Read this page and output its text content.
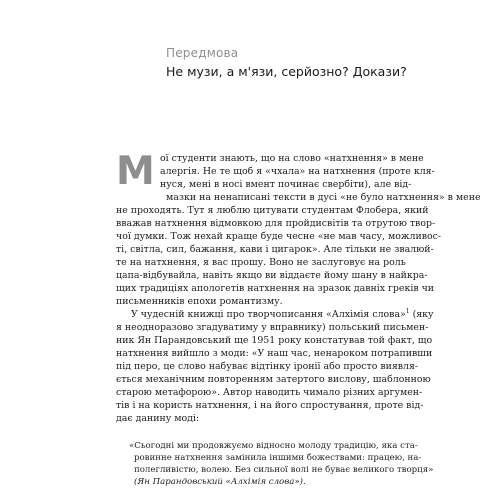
Передмова
Не музи, а м'язи, серйозно? Докази?
М ої студенти знають, що на слово «натхнення» в мене
алергія. Не те щоб я «чхала» на натхнення (проте кля-
нуся, мені в носі вмент починає свербіти), але від-
мазки на ненаписані тексти в дусі «не було натхнення» в мене
не проходять. Тут я люблю цитувати студентам Флобера, який
вважав натхнення відмовкою для пройдисвітів та отрутою твор-
чої думки. Тож нехай краще буде чесне «не мав часу, можливос-
ті, світла, сил, бажання, кави і цигарок». Але тільки не звалюй-
те на натхнення, я вас прошу. Воно не заслуговує на роль
цапа-відбувайла, навіть якщо ви віддаєте йому шану в найкра-
щих традиціях апологетів натхнення на зразок давніх греків чи
письменників епохи романтизму.
У чудесній книжці про творчописання «Алхімія слова»$^1$ (яку
я неодноразово згадуватиму у вправнику) польський письмен-
ник Ян Парандовський ще 1951 року констатував той факт, що
натхнення вийшло з моди: «У наш час, ненароком потрапивши
під перо, це слово набуває відтінку іронії або просто виявля-
ється механічним повторенням затертого вислову, шаблонною
старою метафорою». Автор наводить чимало різних аргумен-
тів і на користь натхнення, і на його спростування, проте від-
дає данину моді:
«Сьогодні ми продовжуємо відносно молоду традицію, яка ста-
ровинне натхнення замінила іншими божествами: працею, на-
полегливістю, волею. Без сильної волі не буває великого творця»
(Ян Парандовський «Алхімія слова»).
